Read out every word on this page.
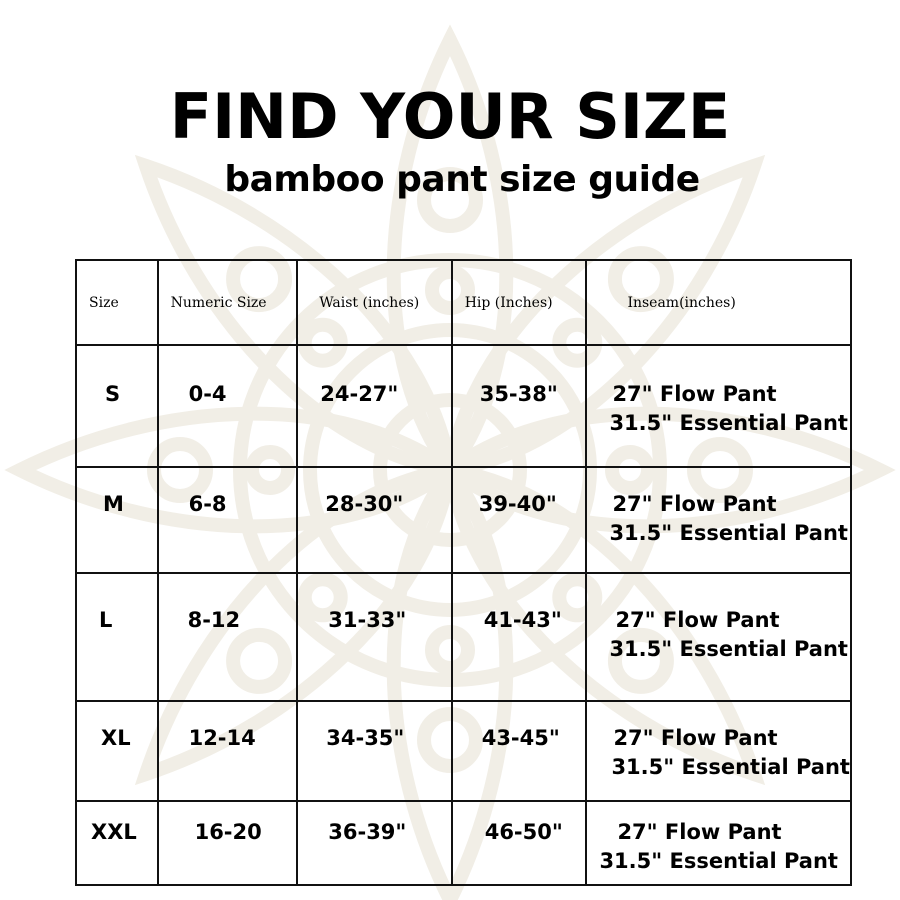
FIND YOUR SIZE
bamboo pant size guide
Size	Numeric Size	Waist (inches)	Hip (Inches)	Inseam(inches)

S	0-4	24-27"	35-38"	27" Flow Pant
31.5" Essential Pant

M	6-8	28-30"	39-40"	27" Flow Pant
31.5" Essential Pant

L	8-12	31-33"	41-43"	27" Flow Pant
31.5" Essential Pant

XL	12-14	34-35"	43-45"	27" Flow Pant
31.5" Essential Pant

XXL	16-20	36-39"	46-50"	27" Flow Pant
31.5" Essential Pant
